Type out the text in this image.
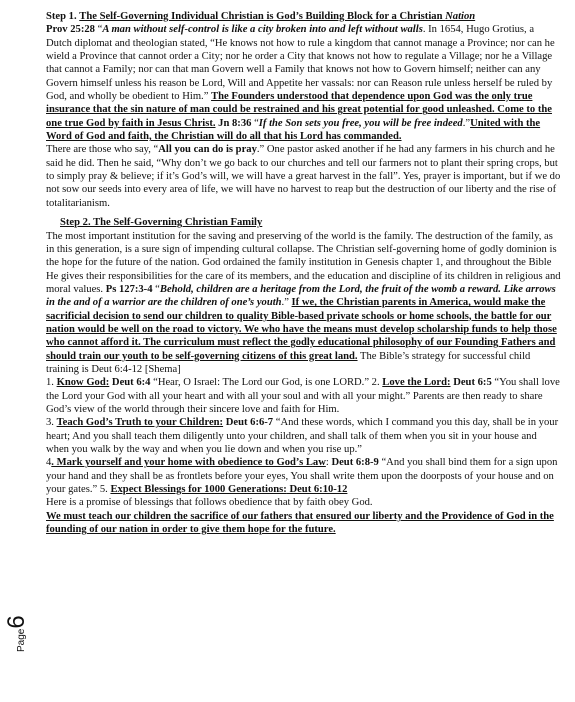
Step 1. The Self-Governing Individual Christian is God’s Building Block for a Christian Nation
Prov 25:28 “A man without self-control is like a city broken into and left without walls. In 1654, Hugo Grotius, a Dutch diplomat and theologian stated, “He knows not how to rule a kingdom that cannot manage a Province; nor can he wield a Province that cannot order a City; nor he order a City that knows not how to regulate a Village; nor he a Village that cannot a Family; nor can that man Govern well a Family that knows not how to Govern himself; neither can any Govern himself unless his reason be Lord, Will and Appetite her vassals: nor can Reason rule unless herself be ruled by God, and wholly be obedient to Him.” The Founders understood that dependence upon God was the only true insurance that the sin nature of man could be restrained and his great potential for good unleashed. Come to the one true God by faith in Jesus Christ. Jn 8:36 “If the Son sets you free, you will be free indeed.”United with the Word of God and faith, the Christian will do all that his Lord has commanded.
There are those who say, “All you can do is pray.” One pastor asked another if he had any farmers in his church and he said he did. Then he said, “Why don’t we go back to our churches and tell our farmers not to plant their spring crops, but to simply pray & believe; if it’s God’s will, we will have a great harvest in the fall”. Yes, prayer is important, but if we do not sow our seeds into every area of life, we will have no harvest to reap but the destruction of our liberty and the rise of totalitarianism.

Step 2. The Self-Governing Christian Family

The most important institution for the saving and preserving of the world is the family. The destruction of the family, as in this generation, is a sure sign of impending cultural collapse. The Christian self-governing home of godly dominion is the hope for the future of the nation. God ordained the family institution in Genesis chapter 1, and throughout the Bible He gives their responsibilities for the care of its members, and the education and discipline of its children in religious and moral values. Ps 127:3-4 “Behold, children are a heritage from the Lord, the fruit of the womb a reward. Like arrows in the and of a warrior are the children of one’s youth.” If we, the Christian parents in America, would make the sacrificial decision to send our children to quality Bible-based private schools or home schools, the battle for our nation would be well on the road to victory. We who have the means must develop scholarship funds to help those who cannot afford it. The curriculum must reflect the godly educational philosophy of our Founding Fathers and should train our youth to be self-governing citizens of this great land. The Bible’s strategy for successful child training is Deut 6:4-12 [Shema]
1. Know God: Deut 6:4 “Hear, O Israel: The Lord our God, is one LORD.” 2. Love the Lord: Deut 6:5 “You shall love the Lord your God with all your heart and with all your soul and with all your might.” Parents are then ready to share God’s view of the world through their sincere love and faith for Him.
3. Teach God’s Truth to your Children: Deut 6:6-7 “And these words, which I command you this day, shall be in your heart; And you shall teach them diligently unto your children, and shall talk of them when you sit in your house and when you walk by the way and when you lie down and when you rise up.”
4. Mark yourself and your home with obedience to God’s Law: Deut 6:8-9 “And you shall bind them for a sign upon your hand and they shall be as frontlets before your eyes, You shall write them upon the doorposts of your house and on your gates.” 5. Expect Blessings for 1000 Generations: Deut 6:10-12
Here is a promise of blessings that follows obedience that by faith obey God.
We must teach our children the sacrifice of our fathers that ensured our liberty and the Providence of God in the founding of our nation in order to give them hope for the future.

Page6
